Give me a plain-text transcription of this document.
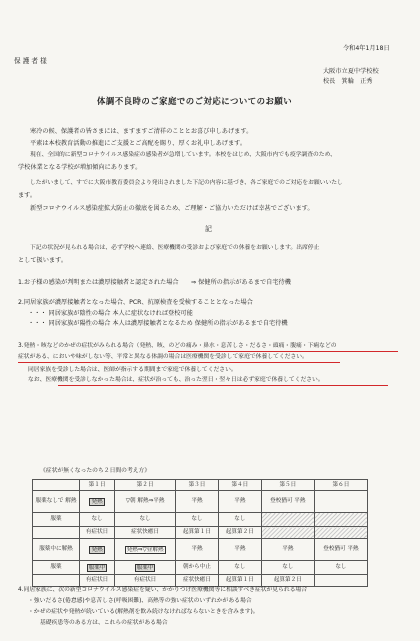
令和4年1月18日
保 護 者 様
大阪市立夏中学校校
校長　箕輪　正秀
体調不良時のご家庭でのご対応についてのお願い
寒冷の候、保護者の皆さまには、ますますご清祥のこととお喜び申しあげます。
平素は本校教育活動の推進にご支援とご高配を賜り、厚くお礼申しあげます。
現在、全国的に新型コロナウイルス感染症の感染者が急増しています。本校をはじめ、大阪市内でも疫学調査のため、
学校休業となる学校が増加傾向にあります。
したがいまして、すでに大阪市教育委員会より発出されました下記の内容に基づき、各ご家庭でのご対応をお願いいたし
ます。
新型コロナウイルス感染症拡大防止の徹底を図るため、ご理解・ご協力いただけば幸甚でございます。
記
下記の状況が見られる場合は、必ず学校へ連絡、医療機関の受診および家庭での休養をお願いします。出席停止
として扱います。
1.お子様の感染が判明または濃厚接触者と認定された場合　　⇒ 保健所の指示があるまで自宅待機
2.同居家族が濃厚接触者となった場合、PCR、抗原検査を受検することとなった場合
・・・ 同居家族が陰性の場合 本人に症状なければ登校可能
・・・ 同居家族が陽性の場合 本人は濃厚接触者となるため 保健所の指示があるまで自宅待機
3.発熱・咳などのかぜの症状がみられる場合（発熱、咳、のどの痛み・鼻水・息苦しさ・だるさ・頭痛・腹痛・下痢などの
症状がある、においや味がしない等、平常と異なる体調の場合は医療機関を受診して家庭で休養してください。
同居家族を受診した場合は、医師が指示する期間まで家庭で休養してください。
なお、医療機関を受診しなかった場合は、症状が治っても、治った翌日・翌々日は必ず家庭で休養してください。
《症状が無くなったのち２日間の考え方》
	第１日	第２日	第３日	第４日	第５日	第６日
服薬なしで 解熱	発熱	▽朝 解熱⇒平熱	平熱	平熱	登校猶可 平熱	
服薬	なし	なし	なし	なし		
	有症状日	症状快癒日	起算第１日	起算第２日		
服薬中に解熱	発熱	発熱⇒▽昼解熱	平熱	平熱	平熱	登校猶可 平熱
服薬	服薬中	服薬中	朝から中止	なし	なし	なし
	有症状日	有症状日	症状快癒日	起算第１日	起算第２日	
4.同居家族に、次の新型コロナウイルス感染症を疑い、かかりつけ医療機関等に相談すべき症状が見られる場合
・強いだるさ(倦怠感)や息苦しさ(呼吸困難)、高熱等の強い症状のいずれかがある場合
・かぜの症状や発熱が続いている(解熱剤を飲み続けなければならないときを含みます)。
基礎疾患等のある方は、これらの症状がある場合
